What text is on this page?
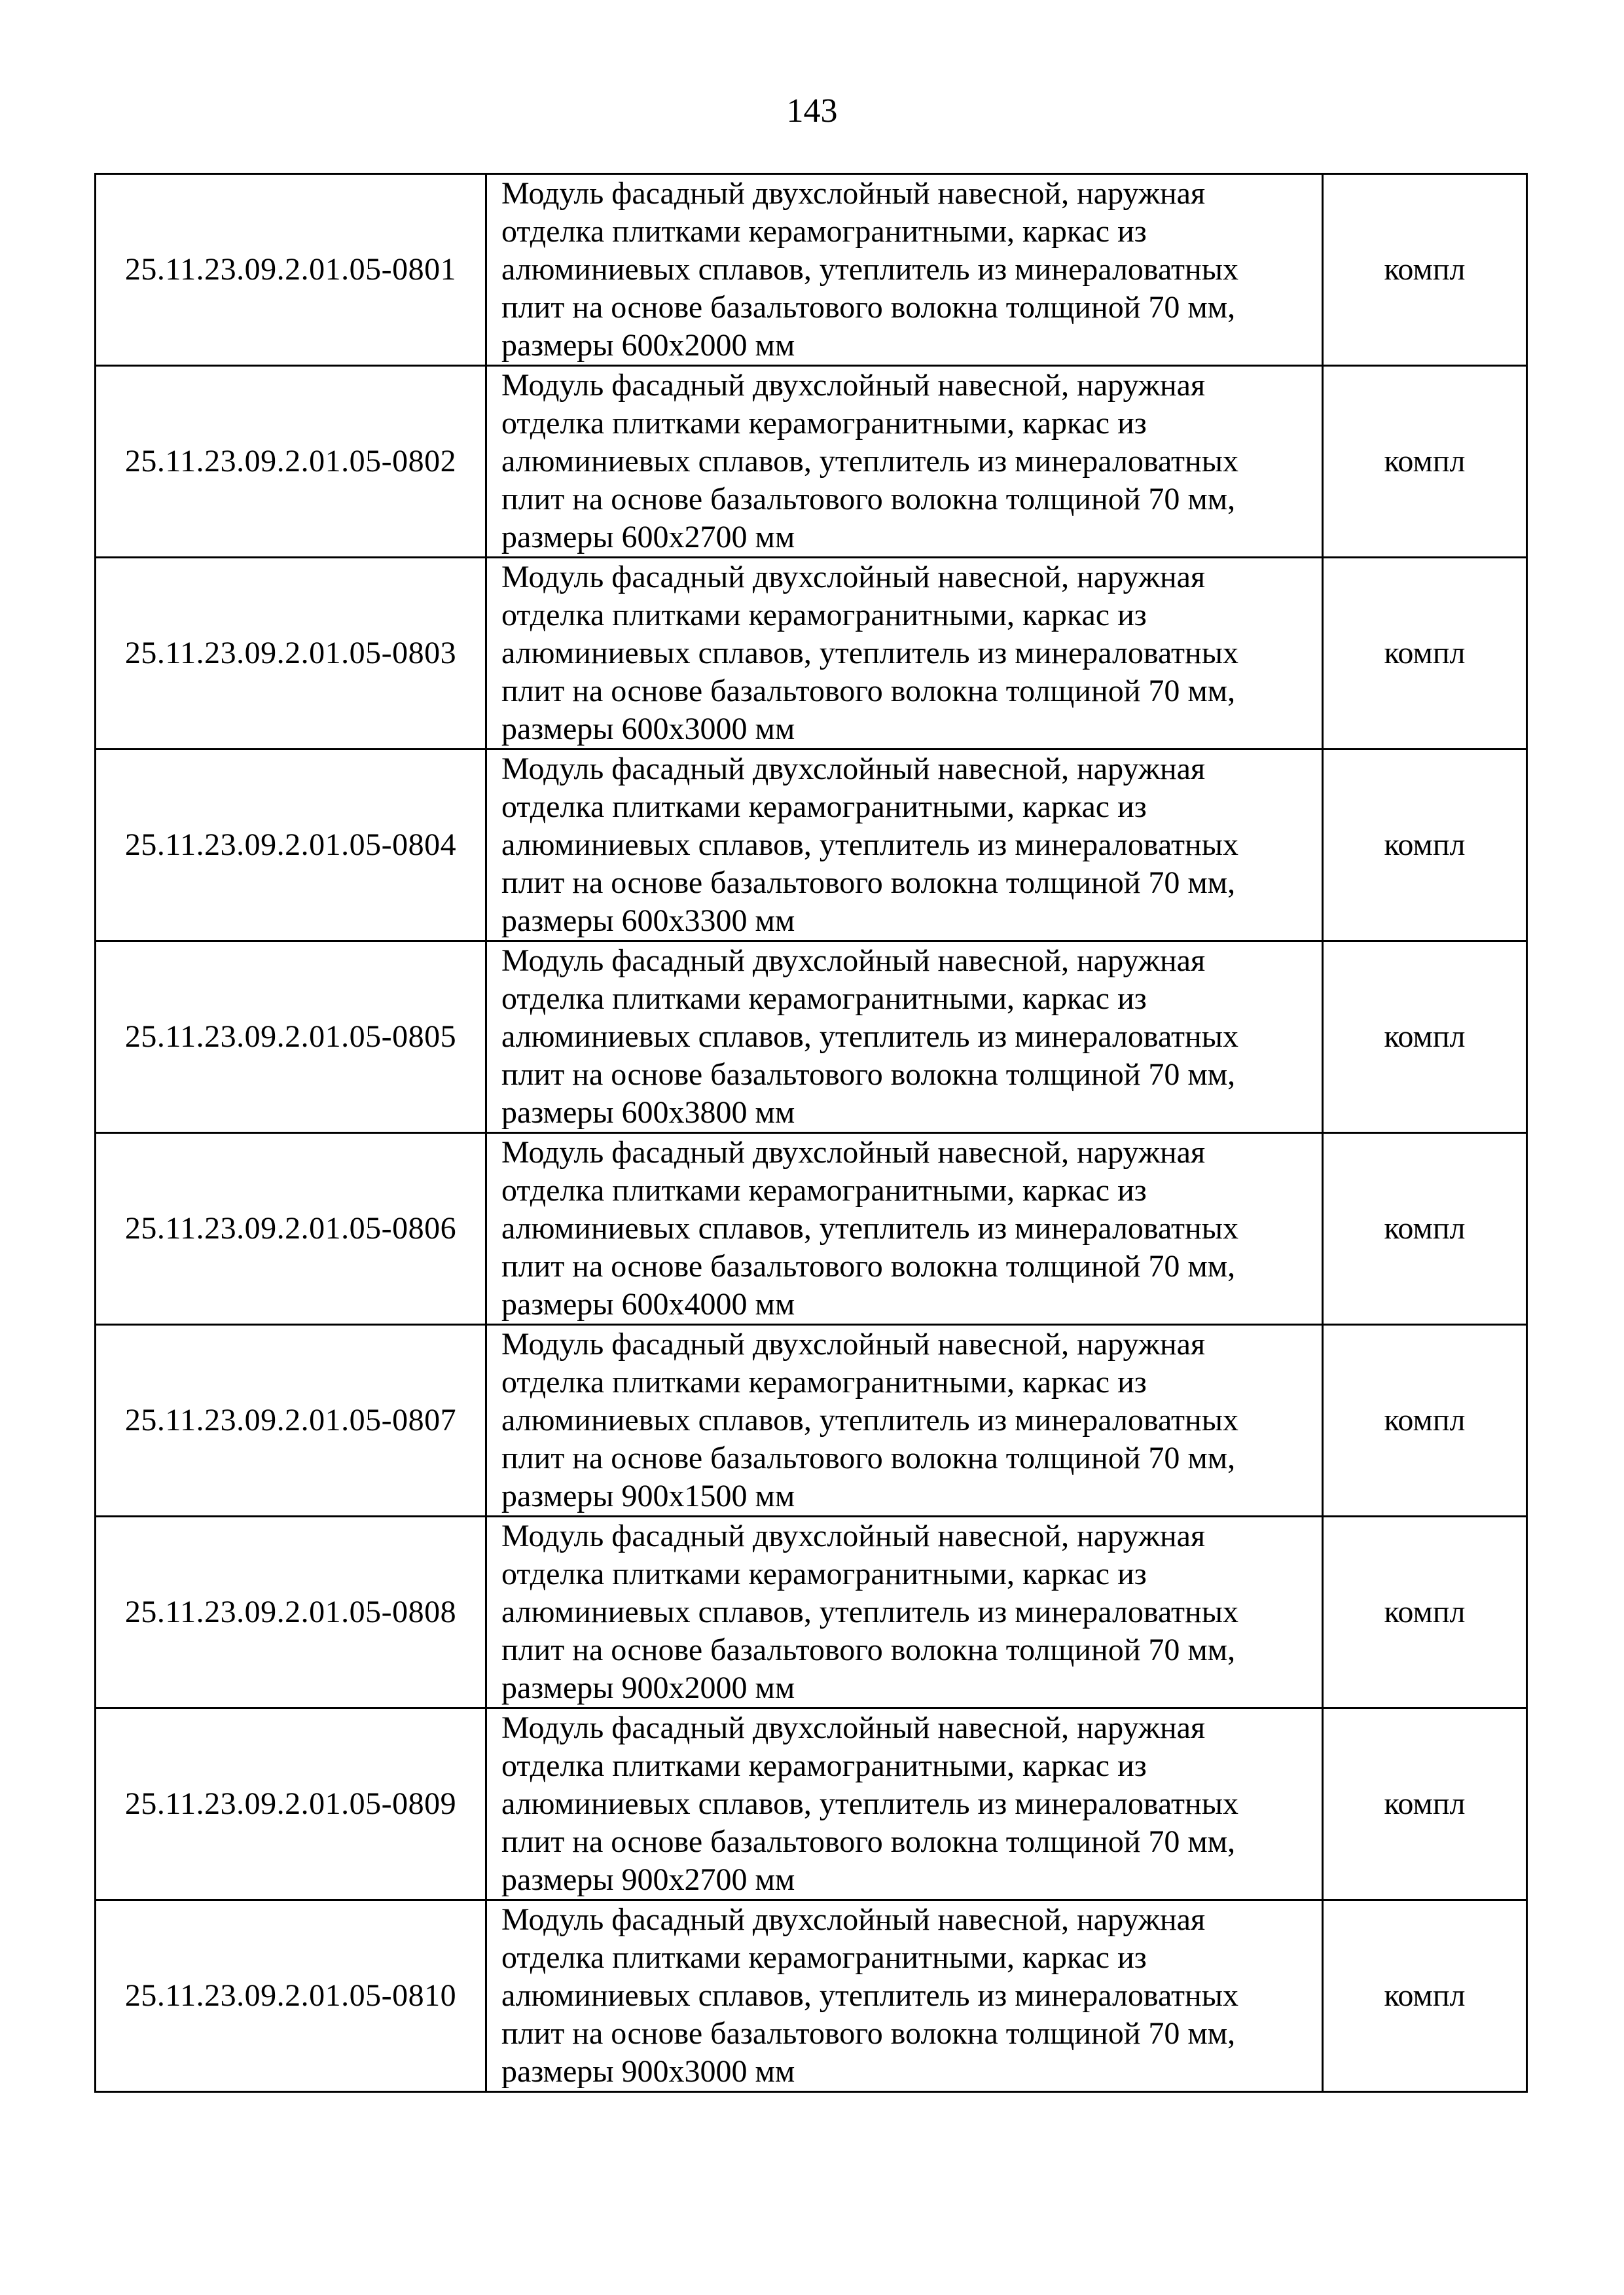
143
25.11.23.09.2.01.05-0801	Модуль фасадный двухслойный навесной, наружная
отделка плитками керамогранитными, каркас из
алюминиевых сплавов, утеплитель из минераловатных
плит на основе базальтового волокна толщиной 70 мм,
размеры 600х2000 мм	компл
25.11.23.09.2.01.05-0802	Модуль фасадный двухслойный навесной, наружная
отделка плитками керамогранитными, каркас из
алюминиевых сплавов, утеплитель из минераловатных
плит на основе базальтового волокна толщиной 70 мм,
размеры 600х2700 мм	компл
25.11.23.09.2.01.05-0803	Модуль фасадный двухслойный навесной, наружная
отделка плитками керамогранитными, каркас из
алюминиевых сплавов, утеплитель из минераловатных
плит на основе базальтового волокна толщиной 70 мм,
размеры 600х3000 мм	компл
25.11.23.09.2.01.05-0804	Модуль фасадный двухслойный навесной, наружная
отделка плитками керамогранитными, каркас из
алюминиевых сплавов, утеплитель из минераловатных
плит на основе базальтового волокна толщиной 70 мм,
размеры 600х3300 мм	компл
25.11.23.09.2.01.05-0805	Модуль фасадный двухслойный навесной, наружная
отделка плитками керамогранитными, каркас из
алюминиевых сплавов, утеплитель из минераловатных
плит на основе базальтового волокна толщиной 70 мм,
размеры 600х3800 мм	компл
25.11.23.09.2.01.05-0806	Модуль фасадный двухслойный навесной, наружная
отделка плитками керамогранитными, каркас из
алюминиевых сплавов, утеплитель из минераловатных
плит на основе базальтового волокна толщиной 70 мм,
размеры 600х4000 мм	компл
25.11.23.09.2.01.05-0807	Модуль фасадный двухслойный навесной, наружная
отделка плитками керамогранитными, каркас из
алюминиевых сплавов, утеплитель из минераловатных
плит на основе базальтового волокна толщиной 70 мм,
размеры 900х1500 мм	компл
25.11.23.09.2.01.05-0808	Модуль фасадный двухслойный навесной, наружная
отделка плитками керамогранитными, каркас из
алюминиевых сплавов, утеплитель из минераловатных
плит на основе базальтового волокна толщиной 70 мм,
размеры 900х2000 мм	компл
25.11.23.09.2.01.05-0809	Модуль фасадный двухслойный навесной, наружная
отделка плитками керамогранитными, каркас из
алюминиевых сплавов, утеплитель из минераловатных
плит на основе базальтового волокна толщиной 70 мм,
размеры 900х2700 мм	компл
25.11.23.09.2.01.05-0810	Модуль фасадный двухслойный навесной, наружная
отделка плитками керамогранитными, каркас из
алюминиевых сплавов, утеплитель из минераловатных
плит на основе базальтового волокна толщиной 70 мм,
размеры 900х3000 мм	компл
